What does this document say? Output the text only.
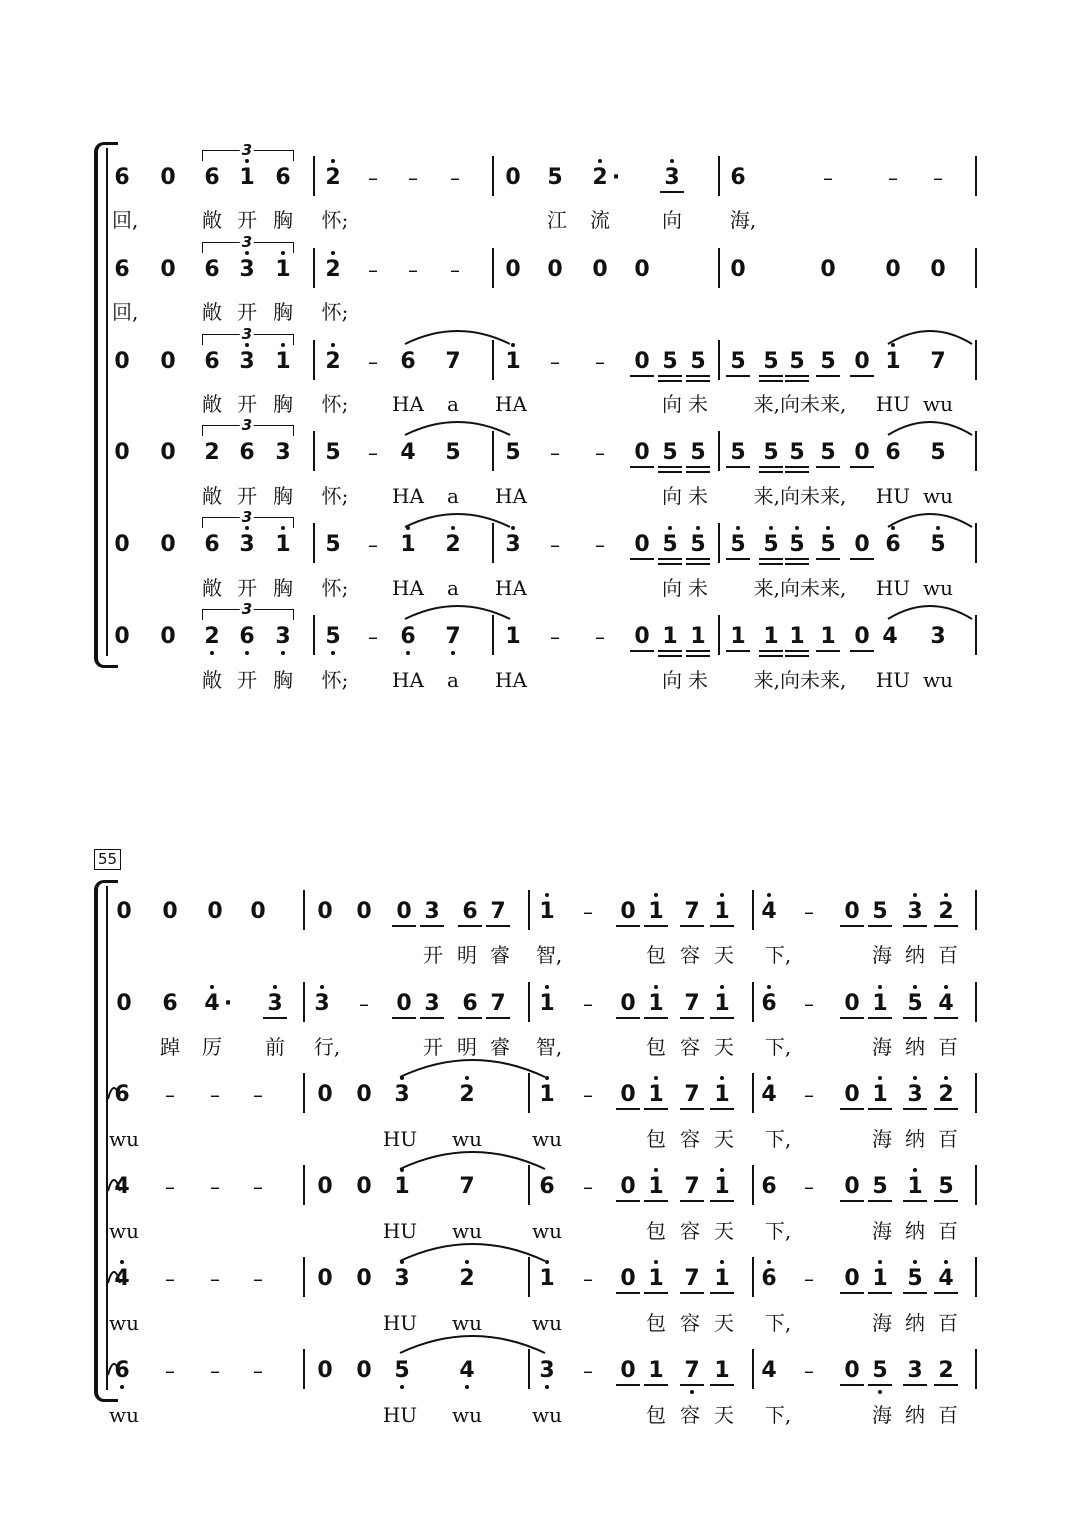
6 0 6 1 6 2 – – – 0 5 2 · 3 6	–	– –
回,	敞 开 胸 怀;	江 流	向 海,
6 0 6 3 1 2 – – – 0 0 0 0	0	0 0 0
回,	敞 开 胸 怀;
0 0 6 3 1 2 – 6 7 1 – – 0 5 5 5 5 5 5 0 1 7
敞 开 胸 怀; HA a HA	向 未 来,向未来, HU wu
0 0 2 6 3 5 – 4 5 5 – – 0 5 5 5 5 5 5 0 6 5
敞 开 胸 怀; HA a HA	向 未 来,向未来, HU wu
0 0 6 3 1 5 – 1 2 3 – – 0 5 5 5 5 5 5 0 6 5
敞 开 胸 怀; HA a HA	向 未 来,向未来, HU wu
0 0 2 6 3 5 – 6 7 1 – – 0 1 1 1 1 1 1 0 4 3
敞 开 胸 怀; HA a HA	向 未 来,向未来, HU wu
0 0 0 0 0 0 0 3 6 7 1 – 0 1 7 1 4 – 0 5 3 2
开 明 睿 智,	包 容 天 下,	海 纳 百
0 6 4 · 3 3 – 0 3 6 7 1 – 0 1 7 1 6 – 0 1 5 4
踔 厉 前 行,	开 明 睿 智,	包 容 天 下,	海 纳 百
6 – – – 0 0 3 2	1 – 0 1 7 1 4 – 0 1 3 2
wu	HU wu	wu	包 容 天 下,	海 纳 百
4 – – – 0 0 1 7	6 – 0 1 7 1 6 – 0 5 1 5
wu	HU wu	wu	包 容 天 下,	海 纳 百
4 – – – 0 0 3 2	1 – 0 1 7 1 6 – 0 1 5 4
wu	HU wu	wu	包 容 天 下,	海 纳 百
6 – – – 0 0 5 4	3 – 0 1 7 1 4 – 0 5 3 2
wu	HU wu	wu	包 容 天 下,	海 纳 百
3
3
3
3
3
3
55
